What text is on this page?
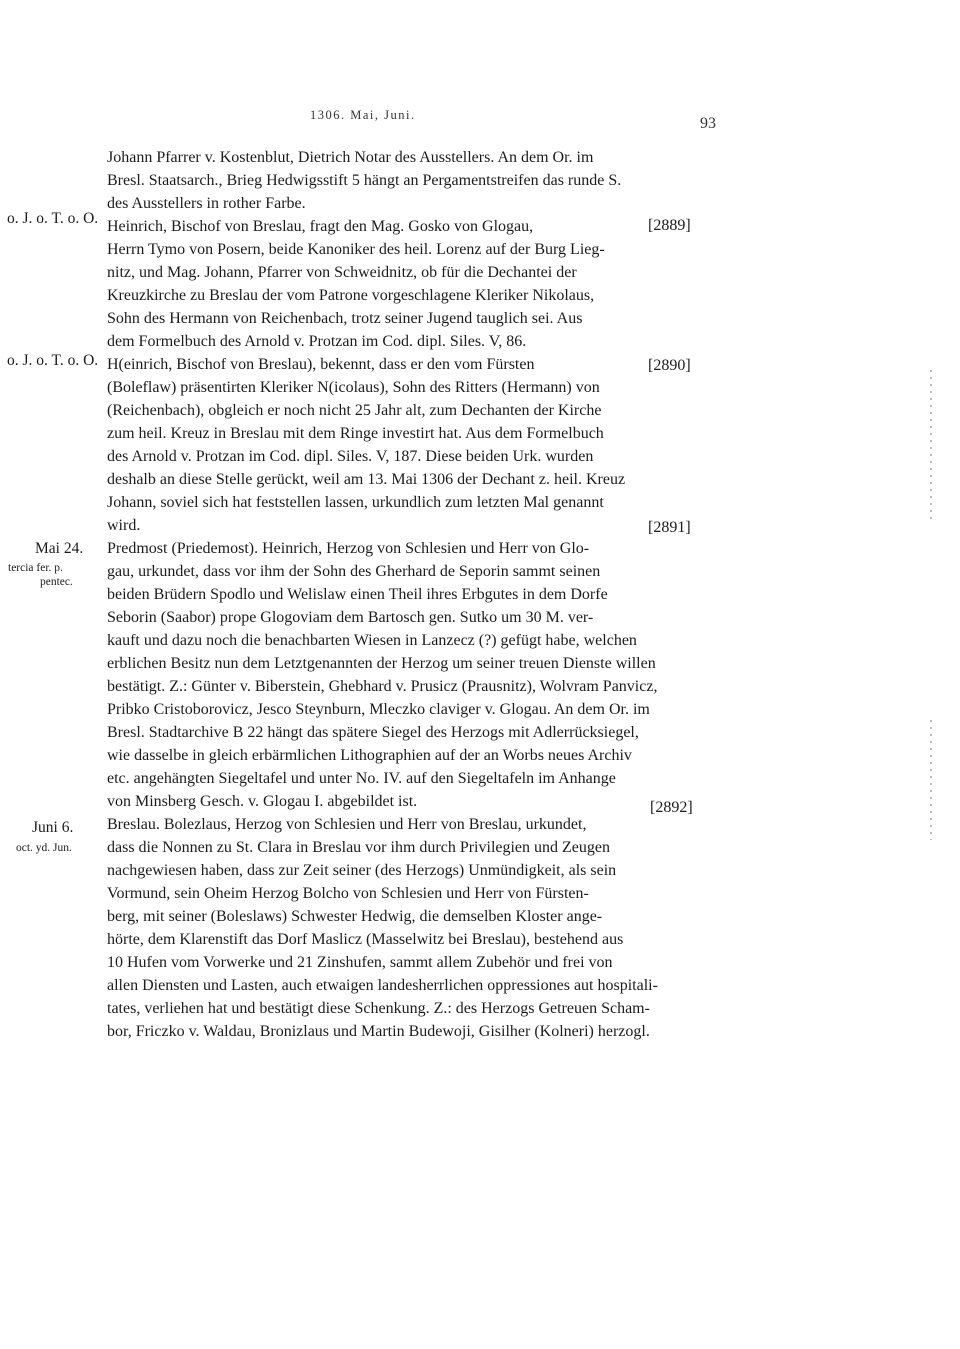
1306. Mai, Juni.	93
o. J. o. T. o. O.
o. J. o. T. o. O.
Mai 24.
tercia fer. p.
pentec.
Juni 6.
oct. yd. Jun.
Johann Pfarrer v. Kostenblut, Dietrich Notar des Ausstellers. An dem Or. im
Bresl. Staatsarch., Brieg Hedwigsstift 5 hängt an Pergamentstreifen das runde S.
des Ausstellers in rother Farbe.
Heinrich, Bischof von Breslau, fragt den Mag. Gosko von Glogau,
Herrn Tymo von Posern, beide Kanoniker des heil. Lorenz auf der Burg Lieg-
nitz, und Mag. Johann, Pfarrer von Schweidnitz, ob für die Dechantei der
Kreuzkirche zu Breslau der vom Patrone vorgeschlagene Kleriker Nikolaus,
Sohn des Hermann von Reichenbach, trotz seiner Jugend tauglich sei. Aus
dem Formelbuch des Arnold v. Protzan im Cod. dipl. Siles. V, 86.
H(einrich, Bischof von Breslau), bekennt, dass er den vom Fürsten
(Boleflaw) präsentirten Kleriker N(icolaus), Sohn des Ritters (Hermann) von
(Reichenbach), obgleich er noch nicht 25 Jahr alt, zum Dechanten der Kirche
zum heil. Kreuz in Breslau mit dem Ringe investirt hat. Aus dem Formelbuch
des Arnold v. Protzan im Cod. dipl. Siles. V, 187. Diese beiden Urk. wurden
deshalb an diese Stelle gerückt, weil am 13. Mai 1306 der Dechant z. heil. Kreuz
Johann, soviel sich hat feststellen lassen, urkundlich zum letzten Mal genannt
wird.
Predmost (Priedemost). Heinrich, Herzog von Schlesien und Herr von Glo-
gau, urkundet, dass vor ihm der Sohn des Gherhard de Seporin sammt seinen
beiden Brüdern Spodlo und Welislaw einen Theil ihres Erbgutes in dem Dorfe
Seborin (Saabor) prope Glogoviam dem Bartosch gen. Sutko um 30 M. ver-
kauft und dazu noch die benachbarten Wiesen in Lanzecz (?) gefügt habe, welchen
erblichen Besitz nun dem Letztgenannten der Herzog um seiner treuen Dienste willen
bestätigt. Z.: Günter v. Biberstein, Ghebhard v. Prusicz (Prausnitz), Wolvram Panvicz,
Pribko Cristoborovicz, Jesco Steynburn, Mleczko claviger v. Glogau. An dem Or. im
Bresl. Stadtarchive B 22 hängt das spätere Siegel des Herzogs mit Adlerrücksiegel,
wie dasselbe in gleich erbärmlichen Lithographien auf der an Worbs neues Archiv
etc. angehängten Siegeltafel und unter No. IV. auf den Siegeltafeln im Anhange
von Minsberg Gesch. v. Glogau I. abgebildet ist.
Breslau. Bolezlaus, Herzog von Schlesien und Herr von Breslau, urkundet,
dass die Nonnen zu St. Clara in Breslau vor ihm durch Privilegien und Zeugen
nachgewiesen haben, dass zur Zeit seiner (des Herzogs) Unmündigkeit, als sein
Vormund, sein Oheim Herzog Bolcho von Schlesien und Herr von Fürsten-
berg, mit seiner (Boleslaws) Schwester Hedwig, die demselben Kloster ange-
hörte, dem Klarenstift das Dorf Maslicz (Masselwitz bei Breslau), bestehend aus
10 Hufen vom Vorwerke und 21 Zinshufen, sammt allem Zubehör und frei von
allen Diensten und Lasten, auch etwaigen landesherrlichen oppressiones aut hospitali-
tates, verliehen hat und bestätigt diese Schenkung. Z.: des Herzogs Getreuen Scham-
bor, Friczko v. Waldau, Bronizlaus und Martin Budewoji, Gisilher (Kolneri) herzogl.
[2889]
[2890]
[2891]
[2892]
